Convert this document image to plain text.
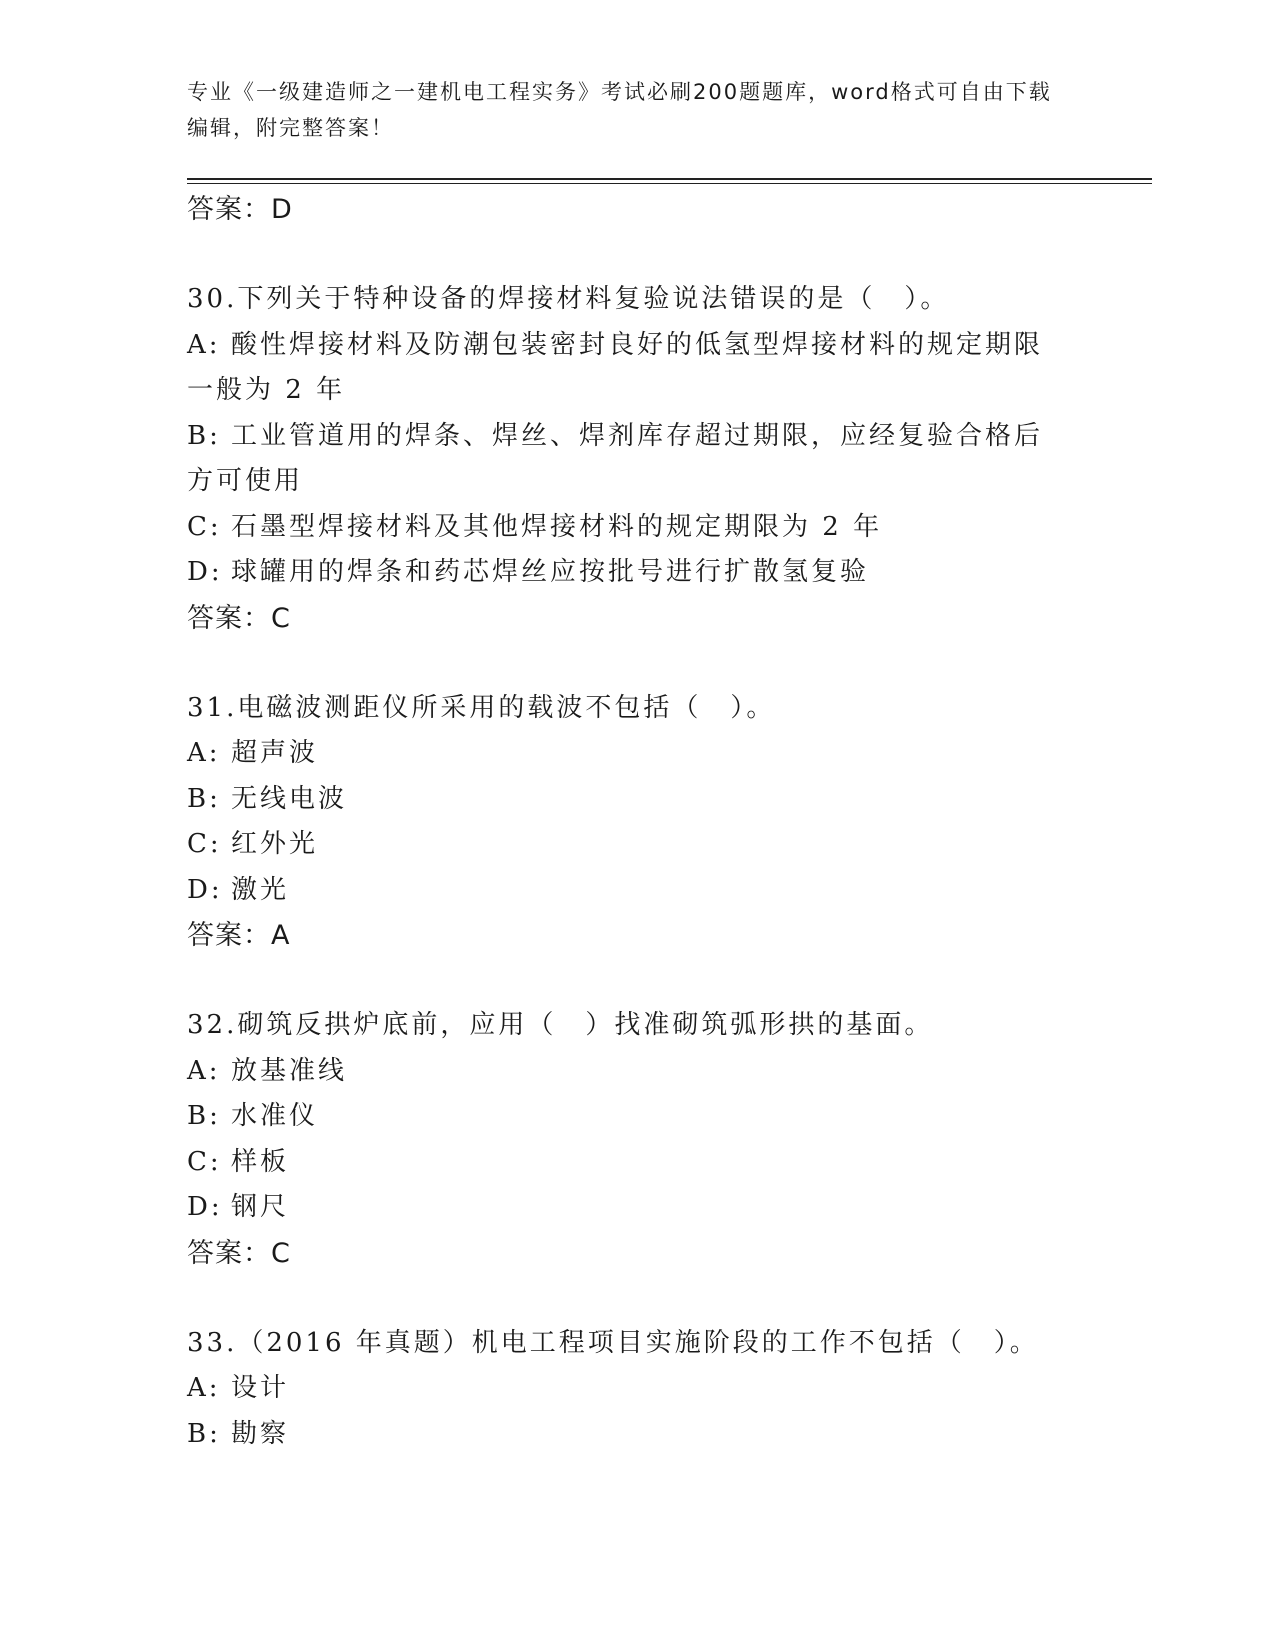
专业《一级建造师之一建机电工程实务》考试必刷200题题库，word格式可自由下载编辑，附完整答案！
答案：D
30.下列关于特种设备的焊接材料复验说法错误的是（　）。
A: 酸性焊接材料及防潮包装密封良好的低氢型焊接材料的规定期限一般为 2 年
B: 工业管道用的焊条、焊丝、焊剂库存超过期限，应经复验合格后方可使用
C: 石墨型焊接材料及其他焊接材料的规定期限为 2 年
D: 球罐用的焊条和药芯焊丝应按批号进行扩散氢复验
答案：C
31.电磁波测距仪所采用的载波不包括（　）。
A: 超声波
B: 无线电波
C: 红外光
D: 激光
答案：A
32.砌筑反拱炉底前，应用（　）找准砌筑弧形拱的基面。
A: 放基准线
B: 水准仪
C: 样板
D: 钢尺
答案：C
33.（2016 年真题）机电工程项目实施阶段的工作不包括（　）。
A: 设计
B: 勘察
